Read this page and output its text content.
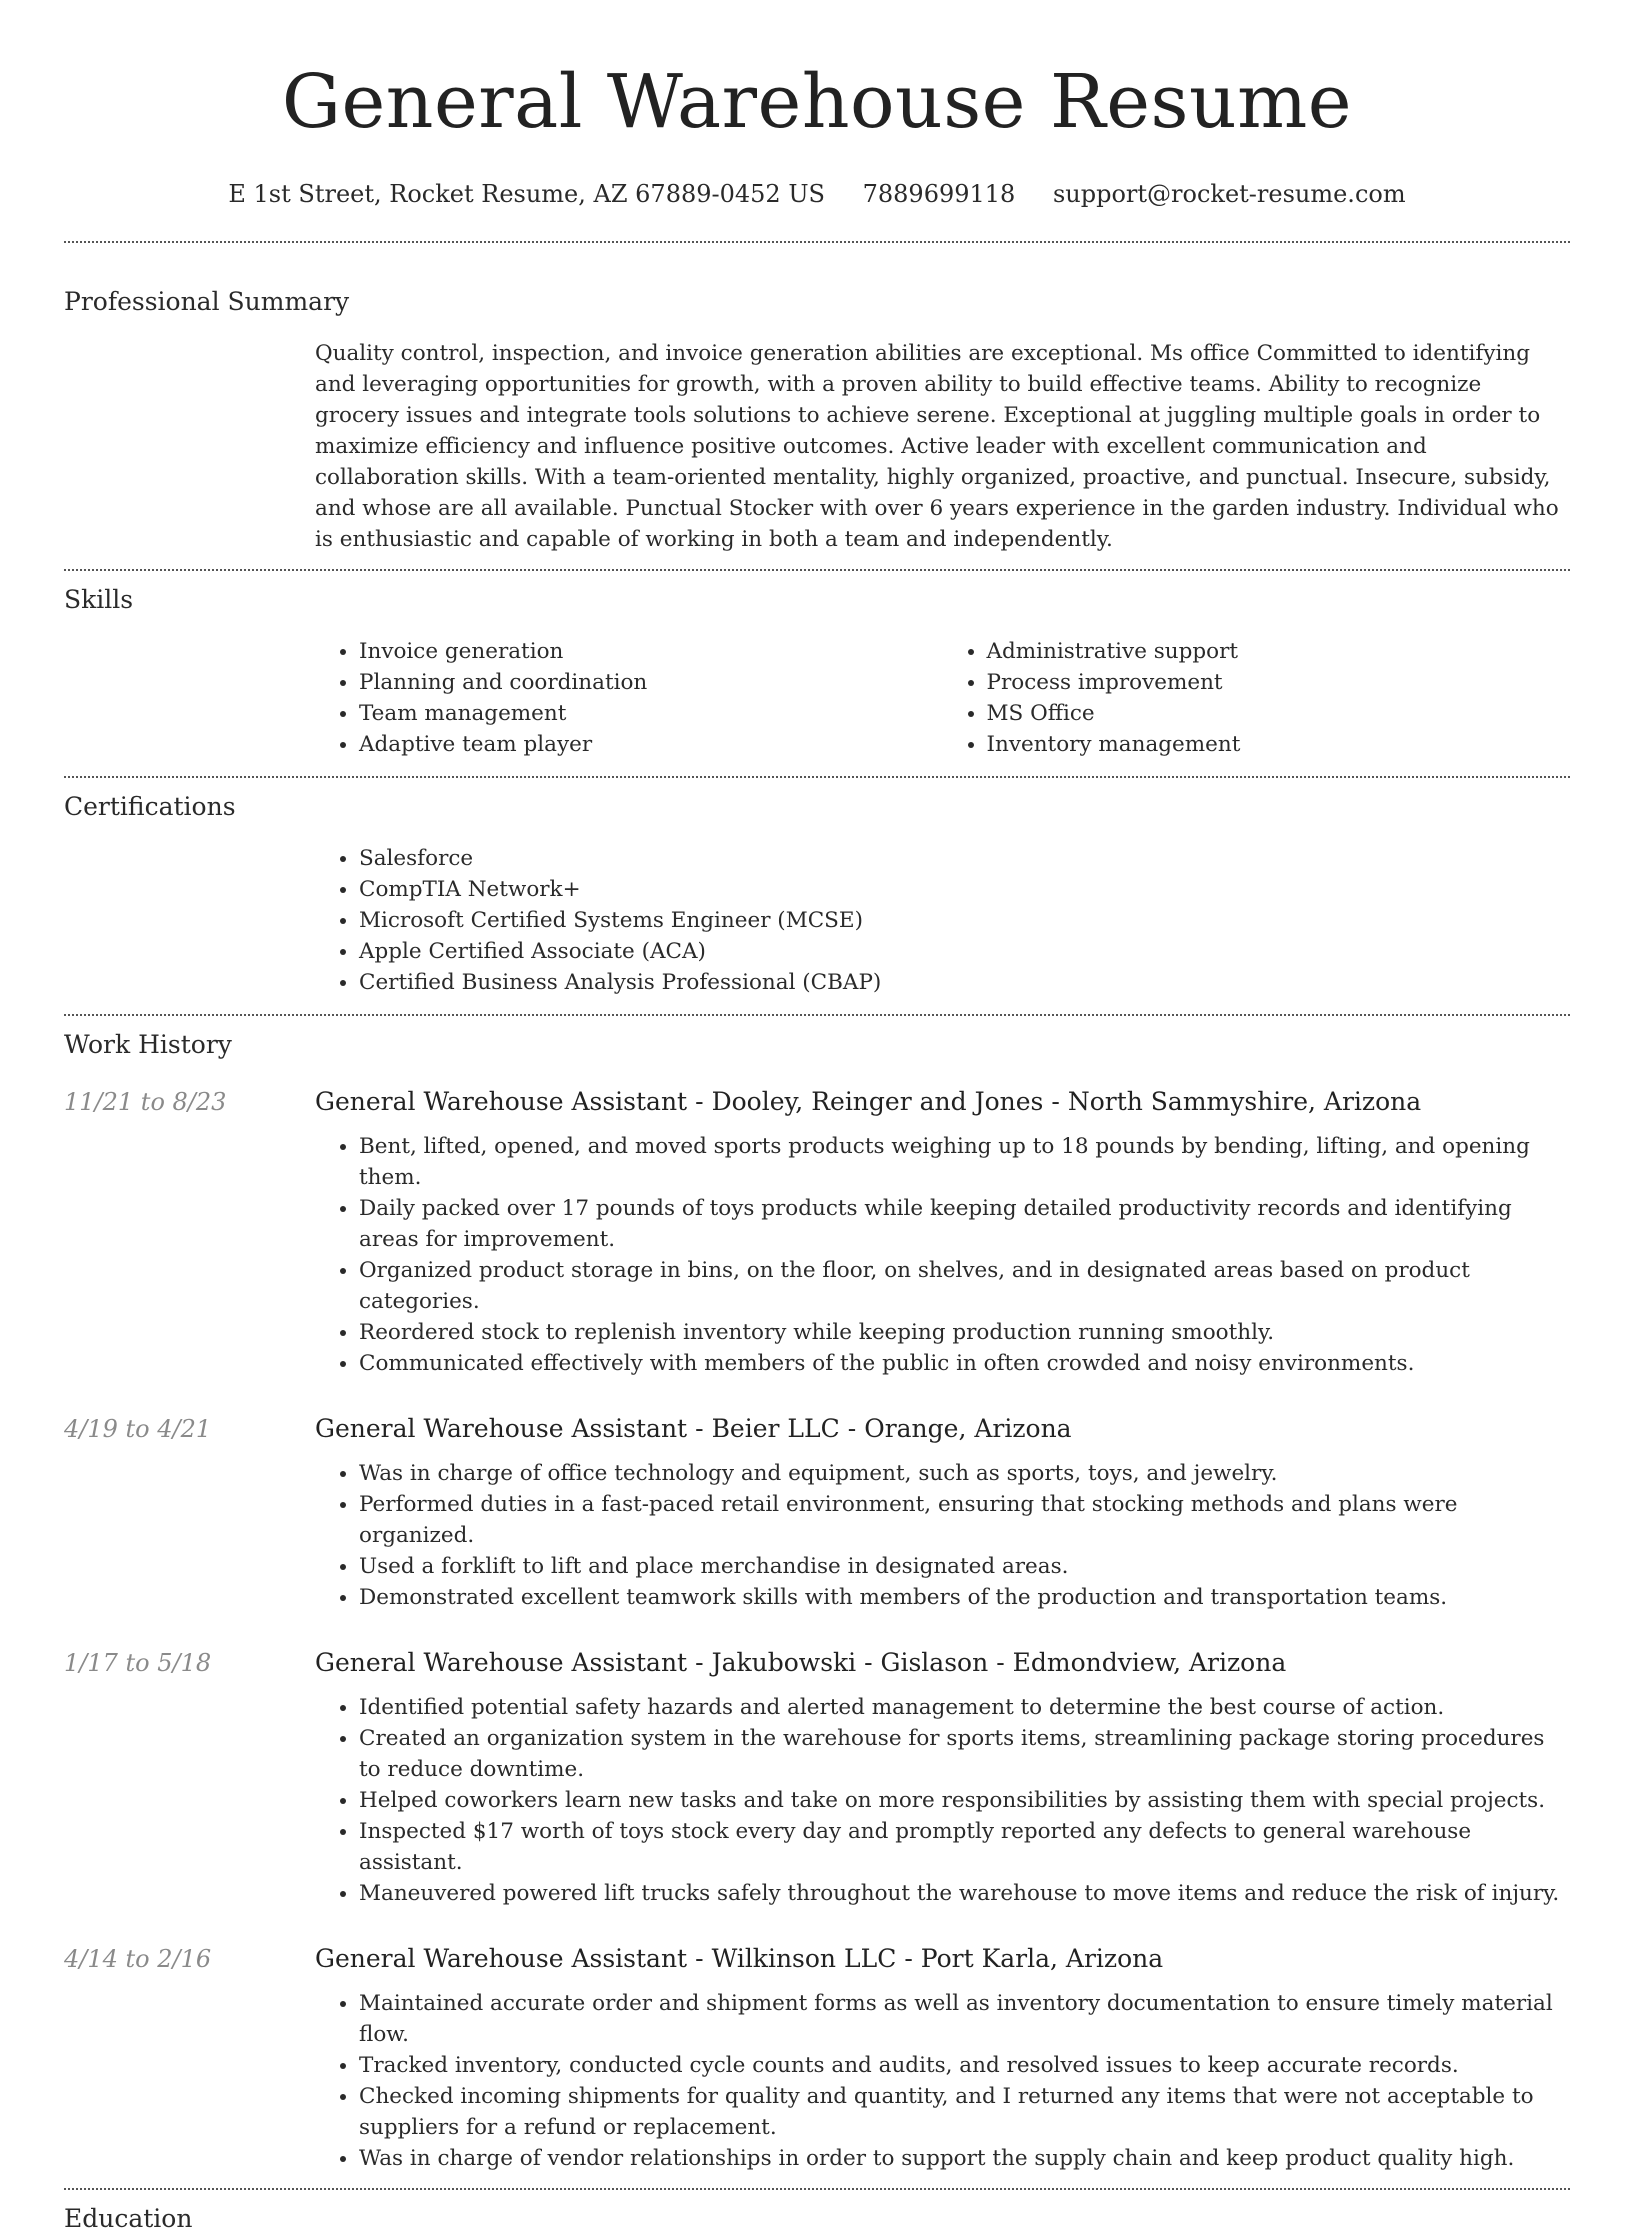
General Warehouse Resume
E 1st Street, Rocket Resume, AZ 67889-0452 US 7889699118 support@rocket-resume.com
Professional Summary

Quality control, inspection, and invoice generation abilities are exceptional. Ms office Committed to identifying and leveraging opportunities for growth, with a proven ability to build effective teams. Ability to recognize grocery issues and integrate tools solutions to achieve serene. Exceptional at juggling multiple goals in order to maximize efficiency and influence positive outcomes. Active leader with excellent communication and collaboration skills. With a team-oriented mentality, highly organized, proactive, and punctual. Insecure, subsidy, and whose are all available. Punctual Stocker with over 6 years experience in the garden industry. Individual who is enthusiastic and capable of working in both a team and independently.

Skills
• Invoice generation
• Planning and coordination
• Team management
• Adaptive team player
• Administrative support
• Process improvement
• MS Office
• Inventory management
Certifications
• Salesforce
• CompTIA Network+
• Microsoft Certified Systems Engineer (MCSE)
• Apple Certified Associate (ACA)
• Certified Business Analysis Professional (CBAP)
Work History
11/21 to 8/23	General Warehouse Assistant - Dooley, Reinger and Jones - North Sammyshire, Arizona
• Bent, lifted, opened, and moved sports products weighing up to 18 pounds by bending, lifting, and opening them.
• Daily packed over 17 pounds of toys products while keeping detailed productivity records and identifying areas for improvement.
• Organized product storage in bins, on the floor, on shelves, and in designated areas based on product categories.
• Reordered stock to replenish inventory while keeping production running smoothly.
• Communicated effectively with members of the public in often crowded and noisy environments.
4/19 to 4/21	General Warehouse Assistant - Beier LLC - Orange, Arizona
• Was in charge of office technology and equipment, such as sports, toys, and jewelry.
• Performed duties in a fast-paced retail environment, ensuring that stocking methods and plans were organized.
• Used a forklift to lift and place merchandise in designated areas.
• Demonstrated excellent teamwork skills with members of the production and transportation teams.
1/17 to 5/18	General Warehouse Assistant - Jakubowski - Gislason - Edmondview, Arizona
• Identified potential safety hazards and alerted management to determine the best course of action.
• Created an organization system in the warehouse for sports items, streamlining package storing procedures to reduce downtime.
• Helped coworkers learn new tasks and take on more responsibilities by assisting them with special projects.
• Inspected $17 worth of toys stock every day and promptly reported any defects to general warehouse assistant.
• Maneuvered powered lift trucks safely throughout the warehouse to move items and reduce the risk of injury.
4/14 to 2/16	General Warehouse Assistant - Wilkinson LLC - Port Karla, Arizona
• Maintained accurate order and shipment forms as well as inventory documentation to ensure timely material flow.
• Tracked inventory, conducted cycle counts and audits, and resolved issues to keep accurate records.
• Checked incoming shipments for quality and quantity, and I returned any items that were not acceptable to suppliers for a refund or replacement.
• Was in charge of vendor relationships in order to support the supply chain and keep product quality high.
Education
